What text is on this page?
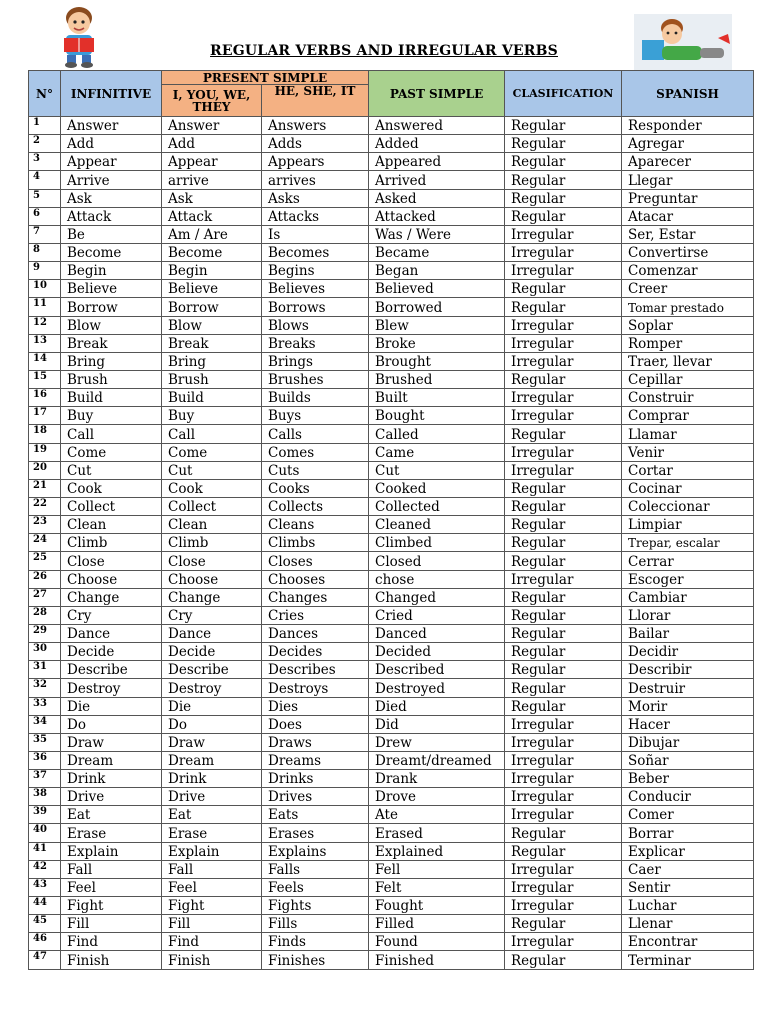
REGULAR VERBS AND IRREGULAR VERBS
N°	INFINITIVE	PRESENT SIMPLE		PAST SIMPLE	CLASIFICATION	SPANISH
		I, YOU, WE, THEY	HE, SHE, IT			
1	Answer	Answer	Answers	Answered	Regular	Responder
2	Add	Add	Adds	Added	Regular	Agregar
3	Appear	Appear	Appears	Appeared	Regular	Aparecer
4	Arrive	arrive	arrives	Arrived	Regular	Llegar
5	Ask	Ask	Asks	Asked	Regular	Preguntar
6	Attack	Attack	Attacks	Attacked	Regular	Atacar
7	Be	Am / Are	Is	Was / Were	Irregular	Ser, Estar
8	Become	Become	Becomes	Became	Irregular	Convertirse
9	Begin	Begin	Begins	Began	Irregular	Comenzar
10	Believe	Believe	Believes	Believed	Regular	Creer
11	Borrow	Borrow	Borrows	Borrowed	Regular	Tomar prestado
12	Blow	Blow	Blows	Blew	Irregular	Soplar
13	Break	Break	Breaks	Broke	Irregular	Romper
14	Bring	Bring	Brings	Brought	Irregular	Traer, llevar
15	Brush	Brush	Brushes	Brushed	Regular	Cepillar
16	Build	Build	Builds	Built	Irregular	Construir
17	Buy	Buy	Buys	Bought	Irregular	Comprar
18	Call	Call	Calls	Called	Regular	Llamar
19	Come	Come	Comes	Came	Irregular	Venir
20	Cut	Cut	Cuts	Cut	Irregular	Cortar
21	Cook	Cook	Cooks	Cooked	Regular	Cocinar
22	Collect	Collect	Collects	Collected	Regular	Coleccionar
23	Clean	Clean	Cleans	Cleaned	Regular	Limpiar
24	Climb	Climb	Climbs	Climbed	Regular	Trepar, escalar
25	Close	Close	Closes	Closed	Regular	Cerrar
26	Choose	Choose	Chooses	chose	Irregular	Escoger
27	Change	Change	Changes	Changed	Regular	Cambiar
28	Cry	Cry	Cries	Cried	Regular	Llorar
29	Dance	Dance	Dances	Danced	Regular	Bailar
30	Decide	Decide	Decides	Decided	Regular	Decidir
31	Describe	Describe	Describes	Described	Regular	Describir
32	Destroy	Destroy	Destroys	Destroyed	Regular	Destruir
33	Die	Die	Dies	Died	Regular	Morir
34	Do	Do	Does	Did	Irregular	Hacer
35	Draw	Draw	Draws	Drew	Irregular	Dibujar
36	Dream	Dream	Dreams	Dreamt/dreamed	Irregular	Soñar
37	Drink	Drink	Drinks	Drank	Irregular	Beber
38	Drive	Drive	Drives	Drove	Irregular	Conducir
39	Eat	Eat	Eats	Ate	Irregular	Comer
40	Erase	Erase	Erases	Erased	Regular	Borrar
41	Explain	Explain	Explains	Explained	Regular	Explicar
42	Fall	Fall	Falls	Fell	Irregular	Caer
43	Feel	Feel	Feels	Felt	Irregular	Sentir
44	Fight	Fight	Fights	Fought	Irregular	Luchar
45	Fill	Fill	Fills	Filled	Regular	Llenar
46	Find	Find	Finds	Found	Irregular	Encontrar
47	Finish	Finish	Finishes	Finished	Regular	Terminar
